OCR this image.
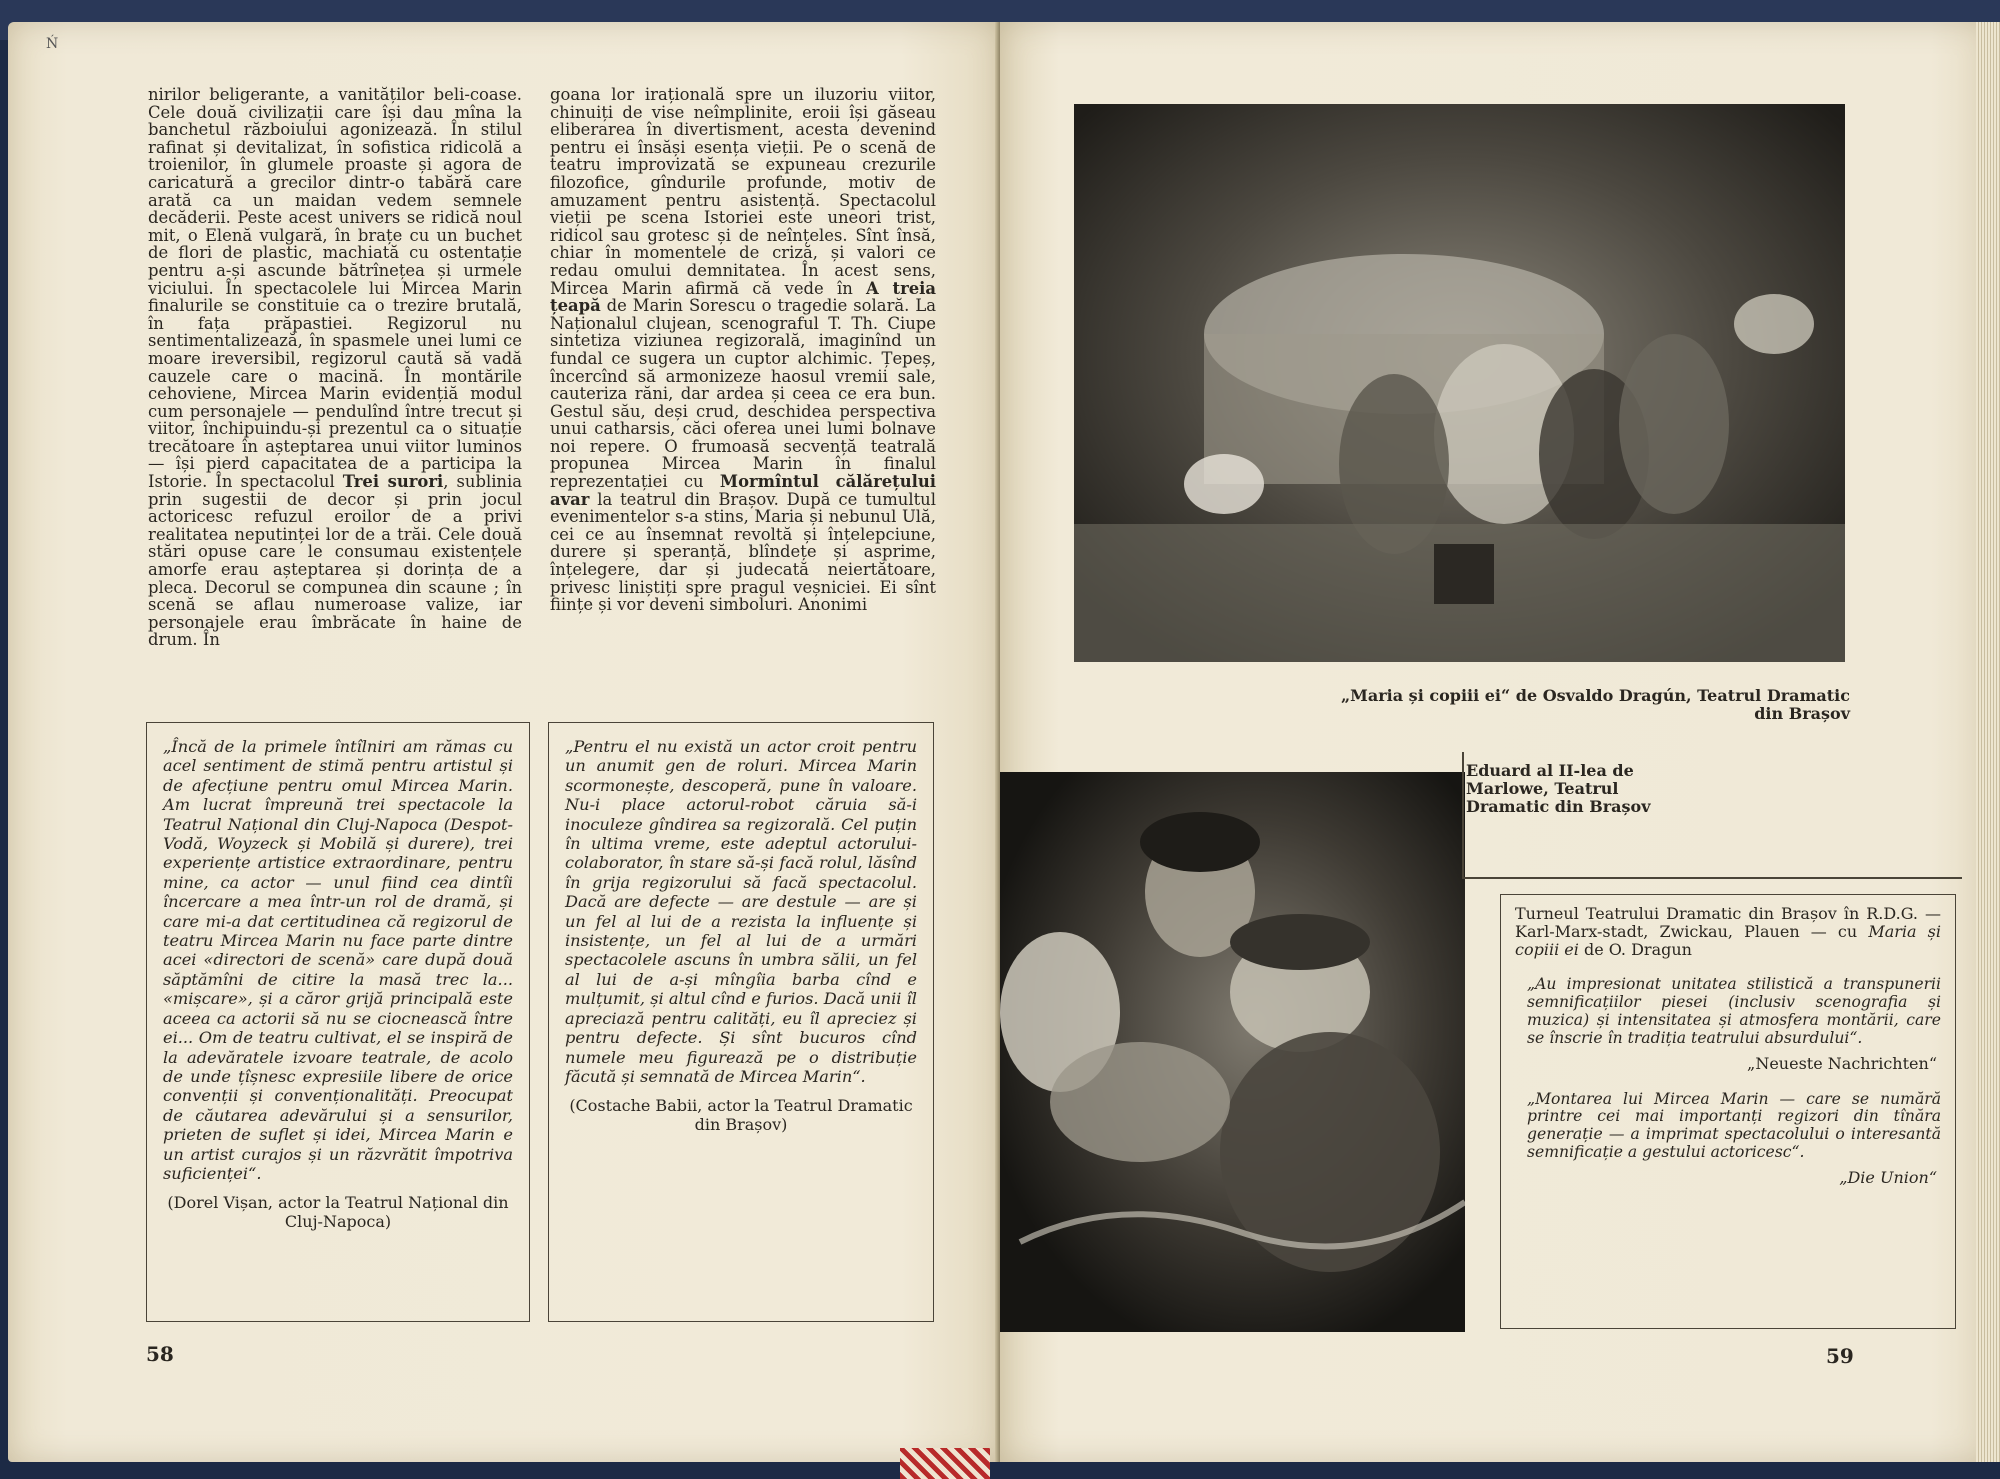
Ń

nirilor beligerante, a vanităților beli-coase. Cele două civilizații care își dau mîna la banchetul războiului agonizează. În stilul rafinat și devitalizat, în sofistica ridicolă a troienilor, în glumele proaste și agora de caricatură a grecilor dintr-o tabără care arată ca un maidan vedem semnele decăderii. Peste acest univers se ridică noul mit, o Elenă vulgară, în brațe cu un buchet de flori de plastic, machiată cu ostentație pentru a-și ascunde bătrînețea și urmele viciului. În spectacolele lui Mircea Marin finalurile se constituie ca o trezire brutală, în fața prăpastiei. Regizorul nu sentimentalizează, în spasmele unei lumi ce moare ireversibil, regizorul caută să vadă cauzele care o macină. În montările cehoviene, Mircea Marin evidențiă modul cum personajele — pendulînd între trecut și viitor, închipuindu-și prezentul ca o situație trecătoare în așteptarea unui viitor luminos — își pierd capacitatea de a participa la Istorie. În spectacolul Trei surori, sublinia prin sugestii de decor și prin jocul actoricesc refuzul eroilor de a privi realitatea neputinței lor de a trăi. Cele două stări opuse care le consumau existențele amorfe erau așteptarea și dorința de a pleca. Decorul se compunea din scaune ; în scenă se aflau numeroase valize, iar personajele erau îmbrăcate în haine de drum. În

goana lor irațională spre un iluzoriu viitor, chinuiți de vise neîmplinite, eroii își găseau eliberarea în divertisment, acesta devenind pentru ei însăși esența vieții. Pe o scenă de teatru improvizată se expuneau crezurile filozofice, gîndurile profunde, motiv de amuzament pentru asistență. Spectacolul vieții pe scena Istoriei este uneori trist, ridicol sau grotesc și de neînțeles. Sînt însă, chiar în momentele de criză, și valori ce redau omului demnitatea. În acest sens, Mircea Marin afirmă că vede în A treia țeapă de Marin Sorescu o tragedie solară. La Naționalul clujean, scenograful T. Th. Ciupe sintetiza viziunea regizorală, imaginînd un fundal ce sugera un cuptor alchimic. Țepeș, încercînd să armonizeze haosul vremii sale, cauteriza răni, dar ardea și ceea ce era bun. Gestul său, deși crud, deschidea perspectiva unui catharsis, căci oferea unei lumi bolnave noi repere. O frumoasă secvență teatrală propunea Mircea Marin în finalul reprezentației cu Mormîntul călărețului avar la teatrul din Brașov. După ce tumultul evenimentelor s-a stins, Maria și nebunul Ulă, cei ce au însemnat revoltă și înțelepciune, durere și speranță, blîndețe și asprime, înțelegere, dar și judecată neiertătoare, privesc liniștiți spre pragul veșniciei. Ei sînt ființe și vor deveni simboluri. Anonimi

„Încă de la primele întîlniri am rămas cu acel sentiment de stimă pentru artistul și de afecțiune pentru omul Mircea Marin. Am lucrat împreună trei spectacole la Teatrul Național din Cluj-Napoca (Despot-Vodă, Woyzeck și Mobilă și durere), trei experiențe artistice extraordinare, pentru mine, ca actor — unul fiind cea dintîi încercare a mea într-un rol de dramă, și care mi-a dat certitudinea că regizorul de teatru Mircea Marin nu face parte dintre acei «directori de scenă» care după două săptămîni de citire la masă trec la... «mișcare», și a căror grijă principală este aceea ca actorii să nu se ciocnească între ei... Om de teatru cultivat, el se inspiră de la adevăratele izvoare teatrale, de acolo de unde țîșnesc expresiile libere de orice convenții și convenționalități. Preocupat de căutarea adevărului și a sensurilor, prieten de suflet și idei, Mircea Marin e un artist curajos și un răzvrătit împotriva suficienței“.

(Dorel Vișan, actor la Teatrul Național din Cluj-Napoca)

„Pentru el nu există un actor croit pentru un anumit gen de roluri. Mircea Marin scormonește, descoperă, pune în valoare. Nu-i place actorul-robot căruia să-i inoculeze gîndirea sa regizorală. Cel puțin în ultima vreme, este adeptul actorului-colaborator, în stare să-și facă rolul, lăsînd în grija regizorului să facă spectacolul. Dacă are defecte — are destule — are și un fel al lui de a rezista la influențe și insistențe, un fel al lui de a urmări spectacolele ascuns în umbra sălii, un fel al lui de a-și mîngîia barba cînd e mulțumit, și altul cînd e furios. Dacă unii îl apreciază pentru calități, eu îl apreciez și pentru defecte. Și sînt bucuros cînd numele meu figurează pe o distribuție făcută și semnată de Mircea Marin“.

(Costache Babii, actor la Teatrul Dramatic din Brașov)
58
„Maria și copiii ei“ de Osvaldo Dragún, Teatrul Dramatic din Brașov
Eduard al II-lea de Marlowe, Teatrul Dramatic din Brașov

Turneul Teatrului Dramatic din Brașov în R.D.G. — Karl-Marx-stadt, Zwickau, Plauen — cu Maria și copiii ei de O. Dragun

„Au impresionat unitatea stilistică a transpunerii semnificațiilor piesei (inclusiv scenografia și muzica) și intensitatea și atmosfera montării, care se înscrie în tradiția teatrului absurdului“.

„Neueste Nachrichten“

„Montarea lui Mircea Marin — care se numără printre cei mai importanți regizori din tînăra generație — a imprimat spectacolului o interesantă semnificație a gestului actoricesc“.

„Die Union“

59
